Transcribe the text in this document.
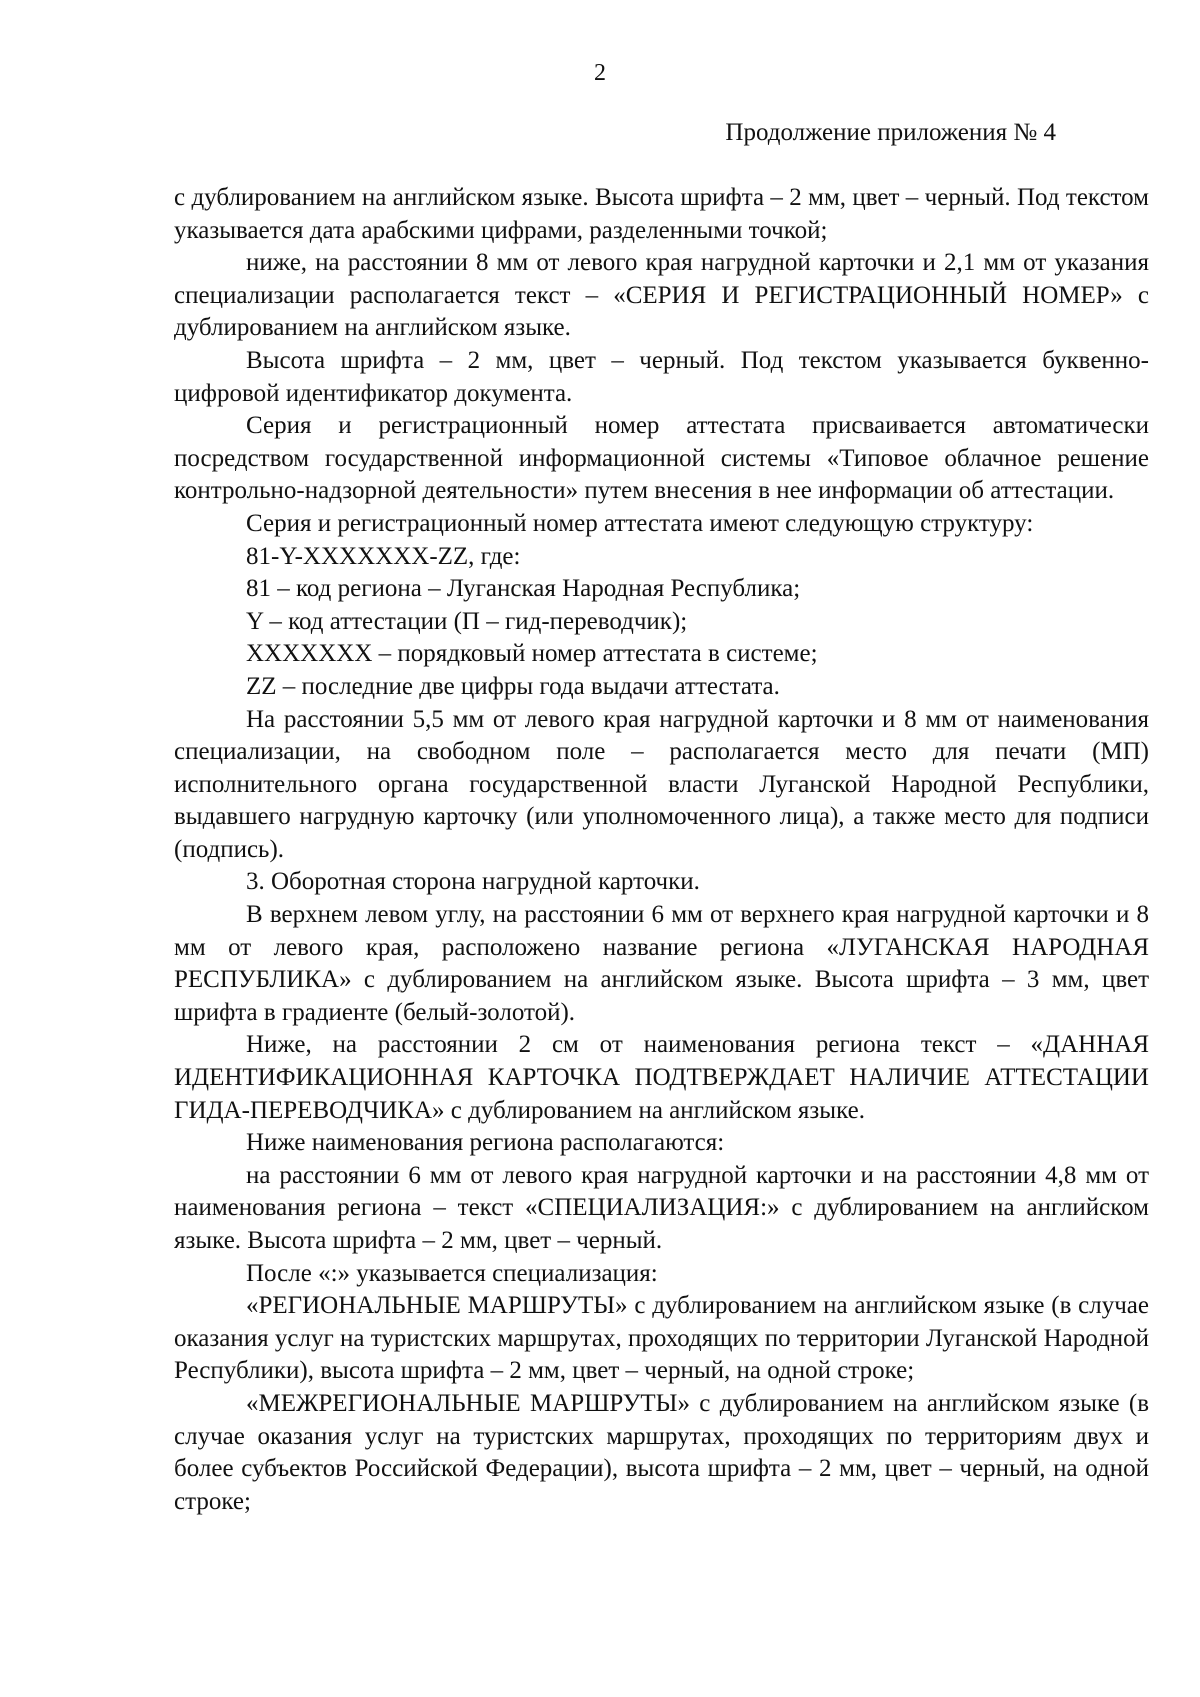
2
Продолжение приложения № 4

с дублированием на английском языке. Высота шрифта – 2 мм, цвет – черный. Под текстом указывается дата арабскими цифрами, разделенными точкой;

ниже, на расстоянии 8 мм от левого края нагрудной карточки и 2,1 мм от указания специализации располагается текст – «СЕРИЯ И РЕГИСТРАЦИОННЫЙ НОМЕР» с дублированием на английском языке.

Высота шрифта – 2 мм, цвет – черный. Под текстом указывается буквенно-цифровой идентификатор документа.

Серия и регистрационный номер аттестата присваивается автоматически посредством государственной информационной системы «Типовое облачное решение контрольно-надзорной деятельности» путем внесения в нее информации об аттестации.

Серия и регистрационный номер аттестата имеют следующую структуру:

81-Y-XXXXXXX-ZZ, где:

81 – код региона – Луганская Народная Республика;

Y – код аттестации (П – гид-переводчик);

XXXXXXX – порядковый номер аттестата в системе;

ZZ – последние две цифры года выдачи аттестата.

На расстоянии 5,5 мм от левого края нагрудной карточки и 8 мм от наименования специализации, на свободном поле – располагается место для печати (МП) исполнительного органа государственной власти Луганской Народной Республики, выдавшего нагрудную карточку (или уполномоченного лица), а также место для подписи (подпись).

3. Оборотная сторона нагрудной карточки.

В верхнем левом углу, на расстоянии 6 мм от верхнего края нагрудной карточки и 8 мм от левого края, расположено название региона «ЛУГАНСКАЯ НАРОДНАЯ РЕСПУБЛИКА» с дублированием на английском языке. Высота шрифта – 3 мм, цвет шрифта в градиенте (белый-золотой).

Ниже, на расстоянии 2 см от наименования региона текст – «ДАННАЯ ИДЕНТИФИКАЦИОННАЯ КАРТОЧКА ПОДТВЕРЖДАЕТ НАЛИЧИЕ АТТЕСТАЦИИ ГИДА-ПЕРЕВОДЧИКА» с дублированием на английском языке.

Ниже наименования региона располагаются:

на расстоянии 6 мм от левого края нагрудной карточки и на расстоянии 4,8 мм от наименования региона – текст «СПЕЦИАЛИЗАЦИЯ:» с дублированием на английском языке. Высота шрифта – 2 мм, цвет – черный.

После «:» указывается специализация:

«РЕГИОНАЛЬНЫЕ МАРШРУТЫ» с дублированием на английском языке (в случае оказания услуг на туристских маршрутах, проходящих по территории Луганской Народной Республики), высота шрифта – 2 мм, цвет – черный, на одной строке;

«МЕЖРЕГИОНАЛЬНЫЕ МАРШРУТЫ» с дублированием на английском языке (в случае оказания услуг на туристских маршрутах, проходящих по территориям двух и более субъектов Российской Федерации), высота шрифта – 2 мм, цвет – черный, на одной строке;
